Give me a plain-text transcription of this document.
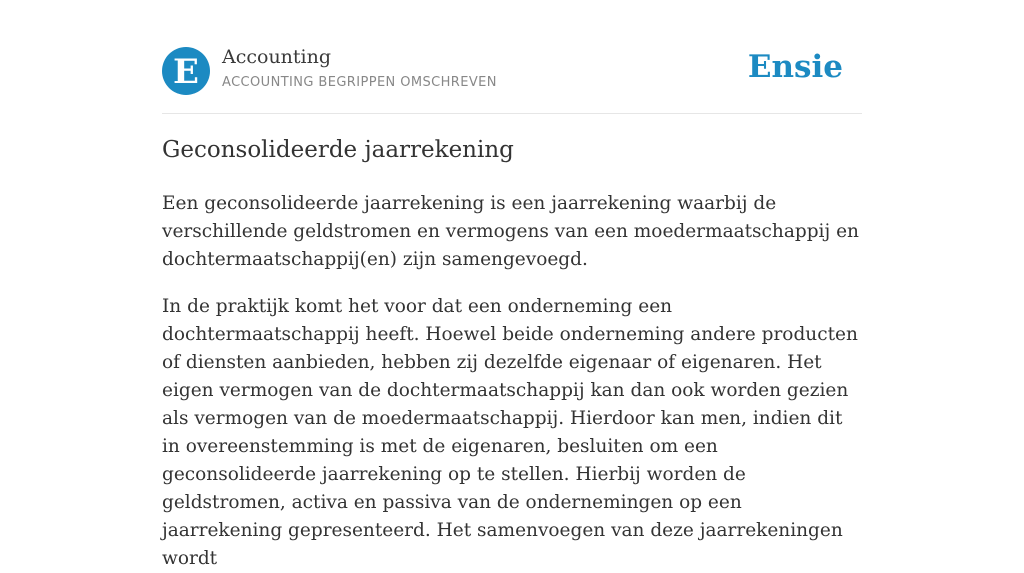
E Accounting
ACCOUNTING BEGRIPPEN OMSCHREVEN	Ensie
Geconsolideerde jaarrekening

Een geconsolideerde jaarrekening is een jaarrekening waarbij de verschillende geldstromen en vermogens van een moedermaatschappij en dochtermaatschappij(en) zijn samengevoegd.

In de praktijk komt het voor dat een onderneming een dochtermaatschappij heeft. Hoewel beide onderneming andere producten of diensten aanbieden, hebben zij dezelfde eigenaar of eigenaren. Het eigen vermogen van de dochtermaatschappij kan dan ook worden gezien als vermogen van de moedermaatschappij. Hierdoor kan men, indien dit in overeenstemming is met de eigenaren, besluiten om een geconsolideerde jaarrekening op te stellen. Hierbij worden de geldstromen, activa en passiva van de ondernemingen op een jaarrekening gepresenteerd. Het samenvoegen van deze jaarrekeningen wordt
